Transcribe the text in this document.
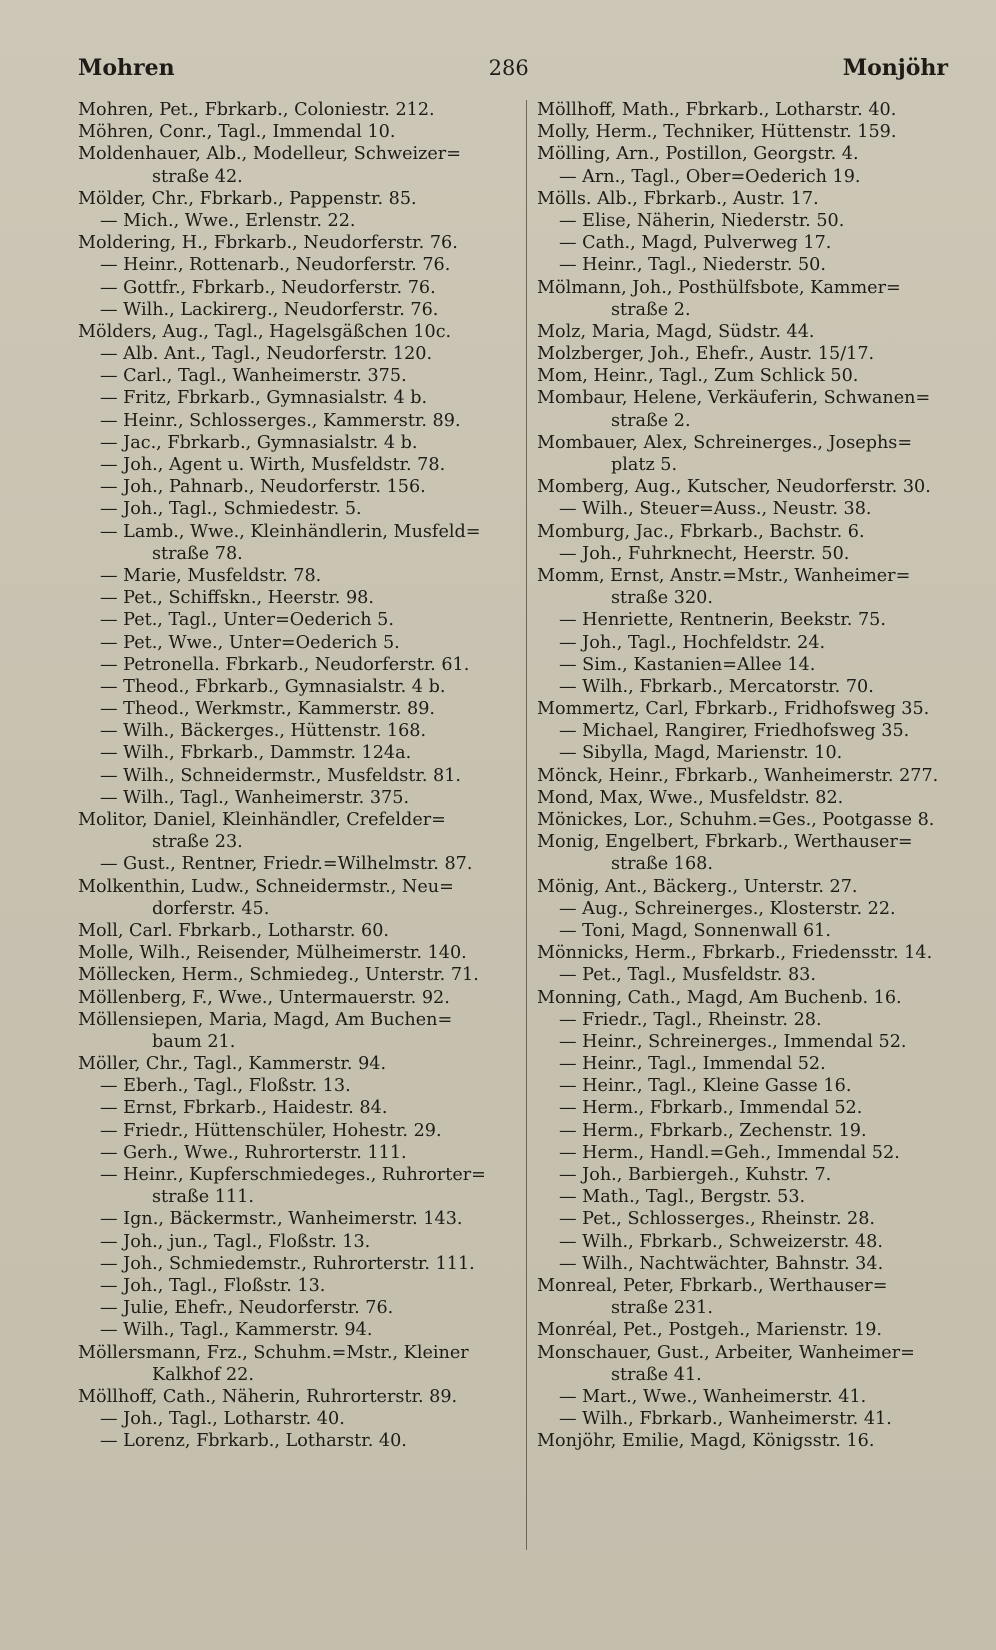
Mohren	286	Monjöhr
Mohren, Pet., Fbrkarb., Coloniestr. 212.
Möhren, Conr., Tagl., Immendal 10.
Moldenhauer, Alb., Modelleur, Schweizer=
straße 42.
Mölder, Chr., Fbrkarb., Pappenstr. 85.
— Mich., Wwe., Erlenstr. 22.
Moldering, H., Fbrkarb., Neudorferstr. 76.
— Heinr., Rottenarb., Neudorferstr. 76.
— Gottfr., Fbrkarb., Neudorferstr. 76.
— Wilh., Lackirerg., Neudorferstr. 76.
Mölders, Aug., Tagl., Hagelsgäßchen 10c.
— Alb. Ant., Tagl., Neudorferstr. 120.
— Carl., Tagl., Wanheimerstr. 375.
— Fritz, Fbrkarb., Gymnasialstr. 4 b.
— Heinr., Schlosserges., Kammerstr. 89.
— Jac., Fbrkarb., Gymnasialstr. 4 b.
— Joh., Agent u. Wirth, Musfeldstr. 78.
— Joh., Pahnarb., Neudorferstr. 156.
— Joh., Tagl., Schmiedestr. 5.
— Lamb., Wwe., Kleinhändlerin, Musfeld=
straße 78.
— Marie, Musfeldstr. 78.
— Pet., Schiffskn., Heerstr. 98.
— Pet., Tagl., Unter=Oederich 5.
— Pet., Wwe., Unter=Oederich 5.
— Petronella. Fbrkarb., Neudorferstr. 61.
— Theod., Fbrkarb., Gymnasialstr. 4 b.
— Theod., Werkmstr., Kammerstr. 89.
— Wilh., Bäckerges., Hüttenstr. 168.
— Wilh., Fbrkarb., Dammstr. 124a.
— Wilh., Schneidermstr., Musfeldstr. 81.
— Wilh., Tagl., Wanheimerstr. 375.
Molitor, Daniel, Kleinhändler, Crefelder=
straße 23.
— Gust., Rentner, Friedr.=Wilhelmstr. 87.
Molkenthin, Ludw., Schneidermstr., Neu=
dorferstr. 45.
Moll, Carl. Fbrkarb., Lotharstr. 60.
Molle, Wilh., Reisender, Mülheimerstr. 140.
Möllecken, Herm., Schmiedeg., Unterstr. 71.
Möllenberg, F., Wwe., Untermauerstr. 92.
Möllensiepen, Maria, Magd, Am Buchen=
baum 21.
Möller, Chr., Tagl., Kammerstr. 94.
— Eberh., Tagl., Floßstr. 13.
— Ernst, Fbrkarb., Haidestr. 84.
— Friedr., Hüttenschüler, Hohestr. 29.
— Gerh., Wwe., Ruhrorterstr. 111.
— Heinr., Kupferschmiedeges., Ruhrorter=
straße 111.
— Ign., Bäckermstr., Wanheimerstr. 143.
— Joh., jun., Tagl., Floßstr. 13.
— Joh., Schmiedemstr., Ruhrorterstr. 111.
— Joh., Tagl., Floßstr. 13.
— Julie, Ehefr., Neudorferstr. 76.
— Wilh., Tagl., Kammerstr. 94.
Möllersmann, Frz., Schuhm.=Mstr., Kleiner
Kalkhof 22.
Möllhoff, Cath., Näherin, Ruhrorterstr. 89.
— Joh., Tagl., Lotharstr. 40.
— Lorenz, Fbrkarb., Lotharstr. 40.
Möllhoff, Math., Fbrkarb., Lotharstr. 40.
Molly, Herm., Techniker, Hüttenstr. 159.
Mölling, Arn., Postillon, Georgstr. 4.
— Arn., Tagl., Ober=Oederich 19.
Mölls. Alb., Fbrkarb., Austr. 17.
— Elise, Näherin, Niederstr. 50.
— Cath., Magd, Pulverweg 17.
— Heinr., Tagl., Niederstr. 50.
Mölmann, Joh., Posthülfsbote, Kammer=
straße 2.
Molz, Maria, Magd, Südstr. 44.
Molzberger, Joh., Ehefr., Austr. 15/17.
Mom, Heinr., Tagl., Zum Schlick 50.
Mombaur, Helene, Verkäuferin, Schwanen=
straße 2.
Mombauer, Alex, Schreinerges., Josephs=
platz 5.
Momberg, Aug., Kutscher, Neudorferstr. 30.
— Wilh., Steuer=Auss., Neustr. 38.
Momburg, Jac., Fbrkarb., Bachstr. 6.
— Joh., Fuhrknecht, Heerstr. 50.
Momm, Ernst, Anstr.=Mstr., Wanheimer=
straße 320.
— Henriette, Rentnerin, Beekstr. 75.
— Joh., Tagl., Hochfeldstr. 24.
— Sim., Kastanien=Allee 14.
— Wilh., Fbrkarb., Mercatorstr. 70.
Mommertz, Carl, Fbrkarb., Fridhofsweg 35.
— Michael, Rangirer, Friedhofsweg 35.
— Sibylla, Magd, Marienstr. 10.
Mönck, Heinr., Fbrkarb., Wanheimerstr. 277.
Mond, Max, Wwe., Musfeldstr. 82.
Mönickes, Lor., Schuhm.=Ges., Pootgasse 8.
Monig, Engelbert, Fbrkarb., Werthauser=
straße 168.
Mönig, Ant., Bäckerg., Unterstr. 27.
— Aug., Schreinerges., Klosterstr. 22.
— Toni, Magd, Sonnenwall 61.
Mönnicks, Herm., Fbrkarb., Friedensstr. 14.
— Pet., Tagl., Musfeldstr. 83.
Monning, Cath., Magd, Am Buchenb. 16.
— Friedr., Tagl., Rheinstr. 28.
— Heinr., Schreinerges., Immendal 52.
— Heinr., Tagl., Immendal 52.
— Heinr., Tagl., Kleine Gasse 16.
— Herm., Fbrkarb., Immendal 52.
— Herm., Fbrkarb., Zechenstr. 19.
— Herm., Handl.=Geh., Immendal 52.
— Joh., Barbiergeh., Kuhstr. 7.
— Math., Tagl., Bergstr. 53.
— Pet., Schlosserges., Rheinstr. 28.
— Wilh., Fbrkarb., Schweizerstr. 48.
— Wilh., Nachtwächter, Bahnstr. 34.
Monreal, Peter, Fbrkarb., Werthauser=
straße 231.
Monréal, Pet., Postgeh., Marienstr. 19.
Monschauer, Gust., Arbeiter, Wanheimer=
straße 41.
— Mart., Wwe., Wanheimerstr. 41.
— Wilh., Fbrkarb., Wanheimerstr. 41.
Monjöhr, Emilie, Magd, Königsstr. 16.
